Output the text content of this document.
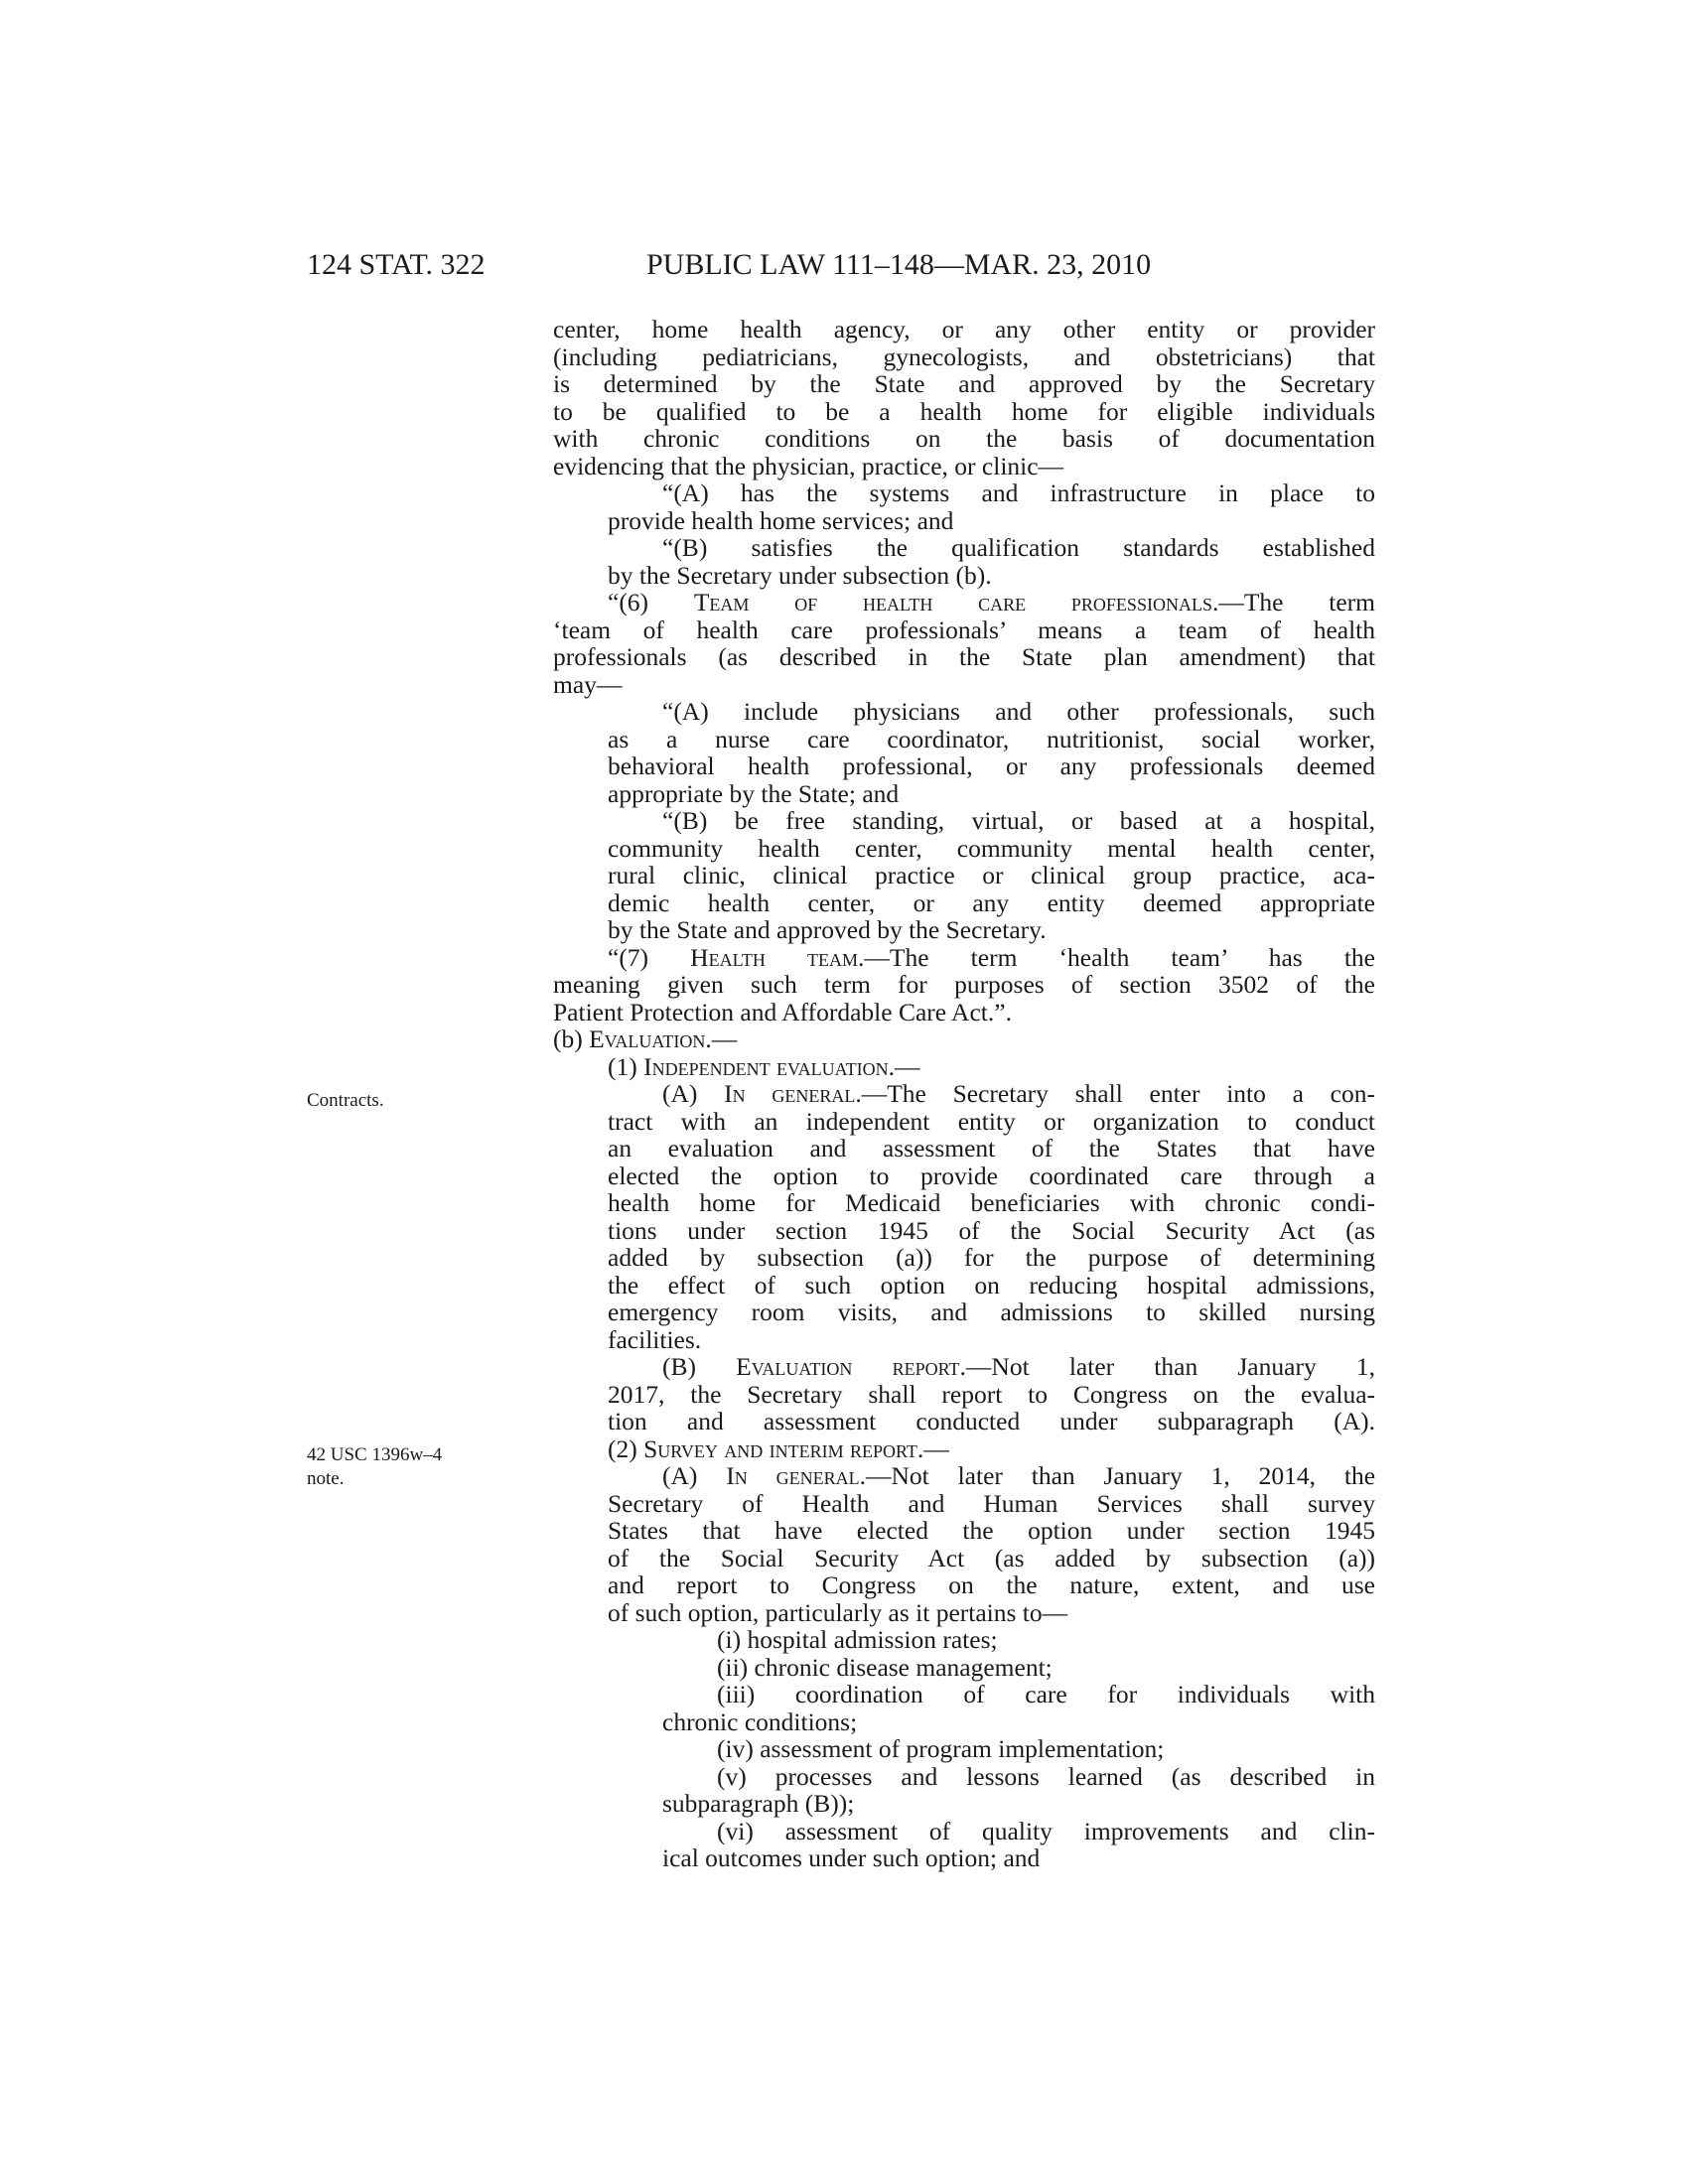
124 STAT. 322	PUBLIC LAW 111–148—MAR. 23, 2010
Contracts.
42 USC 1396w–4
note.
center, home health agency, or any other entity or provider
(including pediatricians, gynecologists, and obstetricians) that
is determined by the State and approved by the Secretary
to be qualified to be a health home for eligible individuals
with chronic conditions on the basis of documentation
evidencing that the physician, practice, or clinic—
“(A) has the systems and infrastructure in place to
provide health home services; and
“(B) satisfies the qualification standards established
by the Secretary under subsection (b).
“(6) Team of health care professionals.—The term
‘team of health care professionals’ means a team of health
professionals (as described in the State plan amendment) that
may—
“(A) include physicians and other professionals, such
as a nurse care coordinator, nutritionist, social worker,
behavioral health professional, or any professionals deemed
appropriate by the State; and
“(B) be free standing, virtual, or based at a hospital,
community health center, community mental health center,
rural clinic, clinical practice or clinical group practice, aca-
demic health center, or any entity deemed appropriate
by the State and approved by the Secretary.
“(7) Health team.—The term ‘health team’ has the
meaning given such term for purposes of section 3502 of the
Patient Protection and Affordable Care Act.”.
(b) Evaluation.—
(1) Independent evaluation.—
(A) In general.—The Secretary shall enter into a con-
tract with an independent entity or organization to conduct
an evaluation and assessment of the States that have
elected the option to provide coordinated care through a
health home for Medicaid beneficiaries with chronic condi-
tions under section 1945 of the Social Security Act (as
added by subsection (a)) for the purpose of determining
the effect of such option on reducing hospital admissions,
emergency room visits, and admissions to skilled nursing
facilities.
(B) Evaluation report.—Not later than January 1,
2017, the Secretary shall report to Congress on the evalua-
tion and assessment conducted under subparagraph (A).
(2) Survey and interim report.—
(A) In general.—Not later than January 1, 2014, the
Secretary of Health and Human Services shall survey
States that have elected the option under section 1945
of the Social Security Act (as added by subsection (a))
and report to Congress on the nature, extent, and use
of such option, particularly as it pertains to—
(i) hospital admission rates;
(ii) chronic disease management;
(iii) coordination of care for individuals with
chronic conditions;
(iv) assessment of program implementation;
(v) processes and lessons learned (as described in
subparagraph (B));
(vi) assessment of quality improvements and clin-
ical outcomes under such option; and
